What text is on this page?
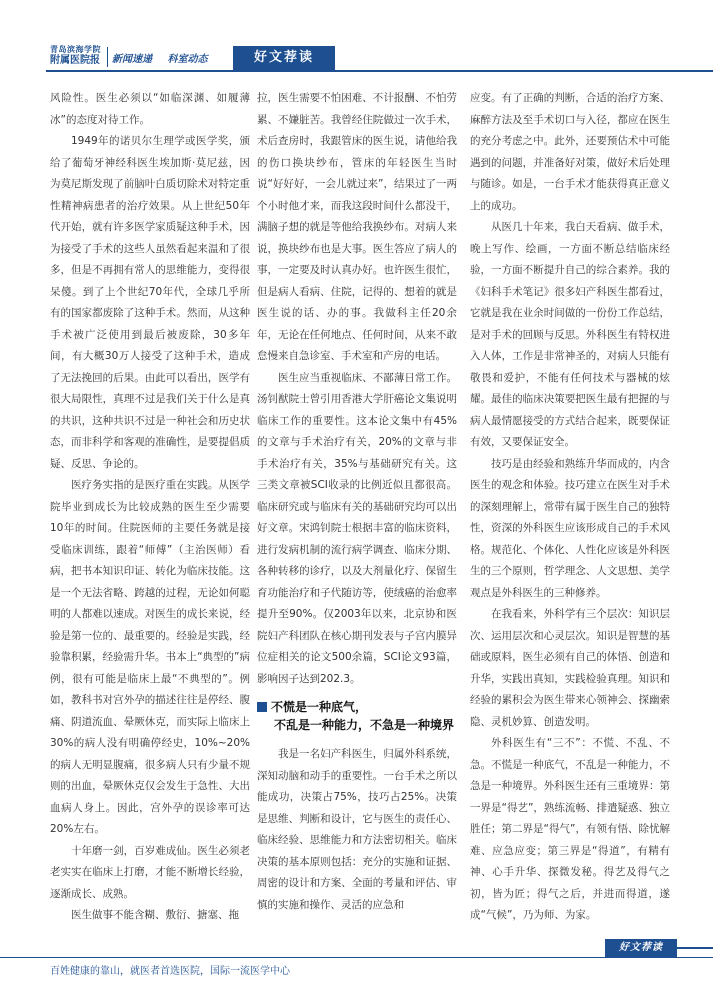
青岛滨海学院
附属医院报	新闻速递 科室动态	好文荐读

风险性。医生必须以“如临深渊、如履薄冰”的态度对待工作。

1949年的诺贝尔生理学或医学奖，颁给了葡萄牙神经科医生埃加斯·莫尼兹，因为莫尼斯发现了前脑叶白质切除术对特定重性精神病患者的治疗效果。从上世纪50年代开始，就有许多医学家质疑这种手术，因为接受了手术的这些人虽然看起来温和了很多，但是不再拥有常人的思维能力，变得很呆傻。到了上个世纪70年代，全球几乎所有的国家都废除了这种手术。然而，从这种手术被广泛使用到最后被废除，30多年间，有大概30万人接受了这种手术，造成了无法挽回的后果。由此可以看出，医学有很大局限性，真理不过是我们关于什么是真的共识，这种共识不过是一种社会和历史状态，而非科学和客观的准确性，是要提倡质疑、反思、争论的。

医疗务实指的是医疗重在实践。从医学院毕业到成长为比较成熟的医生至少需要10年的时间。住院医师的主要任务就是接受临床训练，跟着“师傅”（主治医师）看病，把书本知识印证、转化为临床技能。这是一个无法省略、跨越的过程，无论如何聪明的人都难以速成。对医生的成长来说，经验是第一位的、最重要的。经验是实践，经验靠积累，经验需升华。书本上“典型的”病例，很有可能是临床上最“不典型的”。例如，教科书对宫外孕的描述往往是停经、腹痛、阴道流血、晕厥休克，而实际上临床上30%的病人没有明确停经史，10%~20%的病人无明显腹痛，很多病人只有少量不规则的出血，晕厥休克仅会发生于急性、大出血病人身上。因此，宫外孕的误诊率可达20%左右。

十年磨一剑，百岁难成仙。医生必须老老实实在临床上打磨，才能不断增长经验，逐渐成长、成熟。

医生做事不能含糊、敷衍、搪塞、拖

拉，医生需要不怕困难、不计报酬、不怕劳累、不嫌脏苦。我曾经住院做过一次手术，术后查房时，我跟管床的医生说，请他给我的伤口换块纱布，管床的年轻医生当时说“好好好，一会儿就过来”，结果过了一两个小时他才来，而我这段时间什么都没干，满脑子想的就是等他给我换纱布。对病人来说，换块纱布也是大事。医生答应了病人的事，一定要及时认真办好。也许医生很忙，但是病人看病、住院，记得的、想着的就是医生说的话、办的事。我做科主任20余年，无论在任何地点、任何时间，从来不敢怠慢来自急诊室、手术室和产房的电话。

医生应当重视临床、不鄙薄日常工作。汤钊猷院士曾引用香港大学肝癌论文集说明临床工作的重要性。这本论文集中有45%的文章与手术治疗有关，20%的文章与非手术治疗有关，35%与基础研究有关。这三类文章被SCI收录的比例近似且都很高。临床研究或与临床有关的基础研究均可以出好文章。宋鸿钊院士根据丰富的临床资料，进行发病机制的流行病学调查、临床分期、各种转移的诊疗，以及大剂量化疗、保留生育功能治疗和子代随访等，使绒癌的治愈率提升至90%。仅2003年以来，北京协和医院妇产科团队在核心期刊发表与子宫内膜异位症相关的论文500余篇，SCI论文93篇，影响因子达到202.3。

不慌是一种底气，
不乱是一种能力，不急是一种境界

我是一名妇产科医生，归属外科系统，深知动脑和动手的重要性。一台手术之所以能成功，决策占75%，技巧占25%。决策是思维、判断和设计，它与医生的责任心、临床经验、思维能力和方法密切相关。临床决策的基本原则包括：充分的实施和证据、周密的设计和方案、全面的考量和评估、审慎的实施和操作、灵活的应急和

应变。有了正确的判断，合适的治疗方案、麻醉方法及至手术切口与入径，都应在医生的充分考虑之中。此外，还要预估术中可能遇到的问题，并准备好对策，做好术后处理与随诊。如是，一台手术才能获得真正意义上的成功。

从医几十年来，我白天看病、做手术，晚上写作、绘画，一方面不断总结临床经验，一方面不断提升自己的综合素养。我的《妇科手术笔记》很多妇产科医生都看过，它就是我在业余时间做的一份份工作总结，是对手术的回顾与反思。外科医生有特权进入人体，工作是非常神圣的，对病人只能有敬畏和爱护，不能有任何技术与器械的炫耀。最佳的临床决策要把医生最有把握的与病人最情愿接受的方式结合起来，既要保证有效，又要保证安全。

技巧是由经验和熟练升华而成的，内含医生的观念和体验。技巧建立在医生对手术的深刻理解上，常带有属于医生自己的独特性，资深的外科医生应该形成自己的手术风格。规范化、个体化、人性化应该是外科医生的三个原则，哲学理念、人文思想、美学观点是外科医生的三种修养。

在我看来，外科学有三个层次：知识层次、运用层次和心灵层次。知识是智慧的基础或原料，医生必须有自己的体悟、创造和升华，实践出真知，实践检验真理。知识和经验的累积会为医生带来心领神会、探幽索隐、灵机妙算、创造发明。

外科医生有“三不”：不慌、不乱、不急。不慌是一种底气，不乱是一种能力，不急是一种境界。外科医生还有三重境界：第一界是“得艺”，熟练流畅、排遣疑惑、独立胜任；第二界是“得气”，有领有悟、除忧解难、应急应变；第三界是“得道”，有精有神、心手升华、探微发秘。得艺及得气之初，皆为匠；得气之后，并进而得道，遂成“气候”，乃为师、为家。

好文荐读
百姓健康的靠山，就医者首选医院，国际一流医学中心
